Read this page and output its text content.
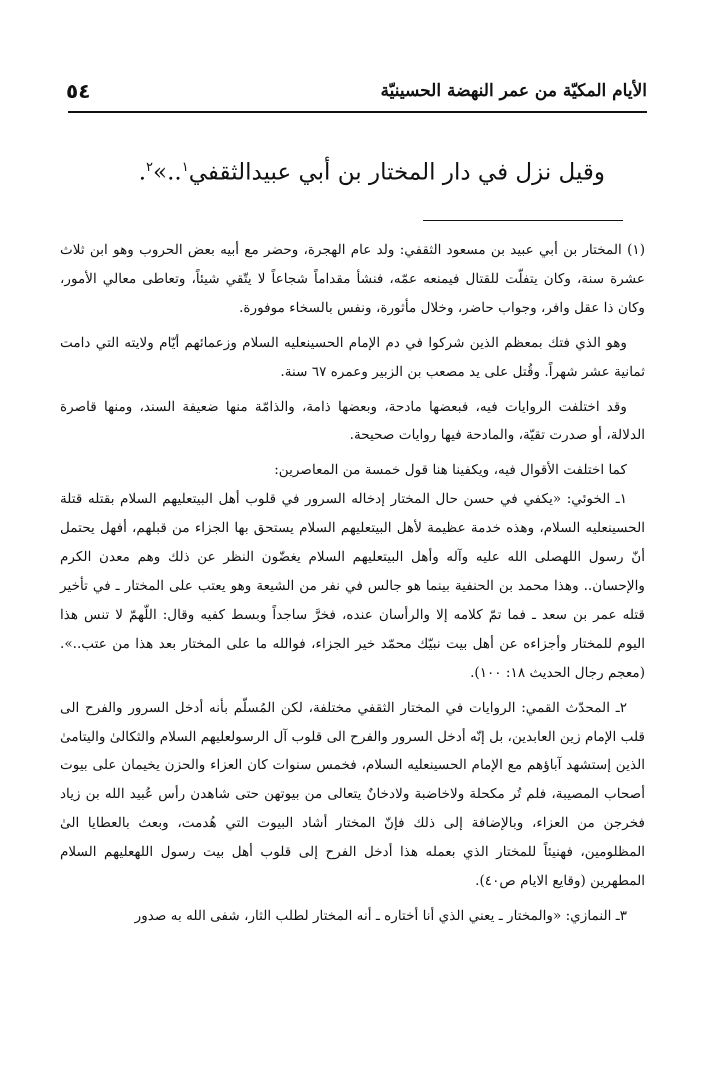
الأيام المكيّة من عمر النهضة الحسينيّة
٥٤
وقيل نزل في دار المختار بن أبي عبيدالثقفي$^١$..»$^٢$.

(١) المختار بن أبي عبيد بن مسعود الثقفي: ولد عام الهجرة، وحضر مع أبيه بعض الحروب وهو ابن ثلاث عشرة سنة، وكان يتفلّت للقتال فيمنعه عمّه، فنشأ مقداماً شجاعاً لا يتّقي شيئاً، وتعاطى معالي الأمور، وكان ذا عقل وافر، وجواب حاضر، وخلال مأثورة، ونفس بالسخاء موفورة.

وهو الذي فتك بمعظم الذين شركوا في دم الإمام الحسينعليه السلام وزعمائهم أيّام ولايته التي دامت ثمانية عشر شهراً. وقُتل على يد مصعب بن الزبير وعمره ٦٧ سنة.

وقد اختلفت الروايات فيه، فبعضها مادحة، وبعضها ذامة، والذامّة منها ضعيفة السند، ومنها قاصرة الدلالة، أو صدرت تقيّة، والمادحة فيها روايات صحيحة.

كما اختلفت الأقوال فيه، ويكفينا هنا قول خمسة من المعاصرين:

١ـ الخوئي: «يكفي في حسن حال المختار إدخاله السرور في قلوب أهل البيتعليهم السلام بقتله قتلة الحسينعليه السلام، وهذه خدمة عظيمة لأهل البيتعليهم السلام يستحق بها الجزاء من قبلهم، أفهل يحتمل أنّ رسول اللهصلى الله عليه وآله وأهل البيتعليهم السلام يغضّون النظر عن ذلك وهم معدن الكرم والإحسان.. وهذا محمد بن الحنفية بينما هو جالس في نفر من الشيعة وهو يعتب على المختار ـ في تأخير قتله عمر بن سعد ـ فما تمّ كلامه إلا والرأسان عنده، فخرَّ ساجداً وبسط كفيه وقال: اللّهمّ لا تنس هذا اليوم للمختار وأجزاءه عن أهل بيت نبيّك محمّد خير الجزاء، فوالله ما على المختار بعد هذا من عتب..». (معجم رجال الحديث ١٨: ١٠٠).

٢ـ المحدّث القمي: الروايات في المختار الثقفي مختلفة، لكن المُسلّم بأنه أدخل السرور والفرح الى قلب الإمام زين العابدين، بل إنّه أدخل السرور والفرح الى قلوب آل الرسولعليهم السلام والثكالىٰ واليتامىٰ الذين إستشهد آباؤهم مع الإمام الحسينعليه السلام، فخمس سنوات كان العزاء والحزن يخيمان على بيوت أصحاب المصيبة، فلم تُر مكحلة ولاخاضبة ولادخانٌ يتعالى من بيوتهن حتى شاهدن رأس عُبيد الله بن زياد فخرجن من العزاء، وبالإضافة إلى ذلك فإنّ المختار أشاد البيوت التي هُدمت، وبعث بالعطايا الىٰ المظلومين، فهنيئاً للمختار الذي بعمله هذا أدخل الفرح إلى قلوب أهل بيت رسول اللهعليهم السلام المطهرين (وقايع الايام ص٤٠).

٣ـ النمازي: «والمختار ـ يعني الذي أنا أختاره ـ أنه المختار لطلب الثار، شفى الله به صدور
